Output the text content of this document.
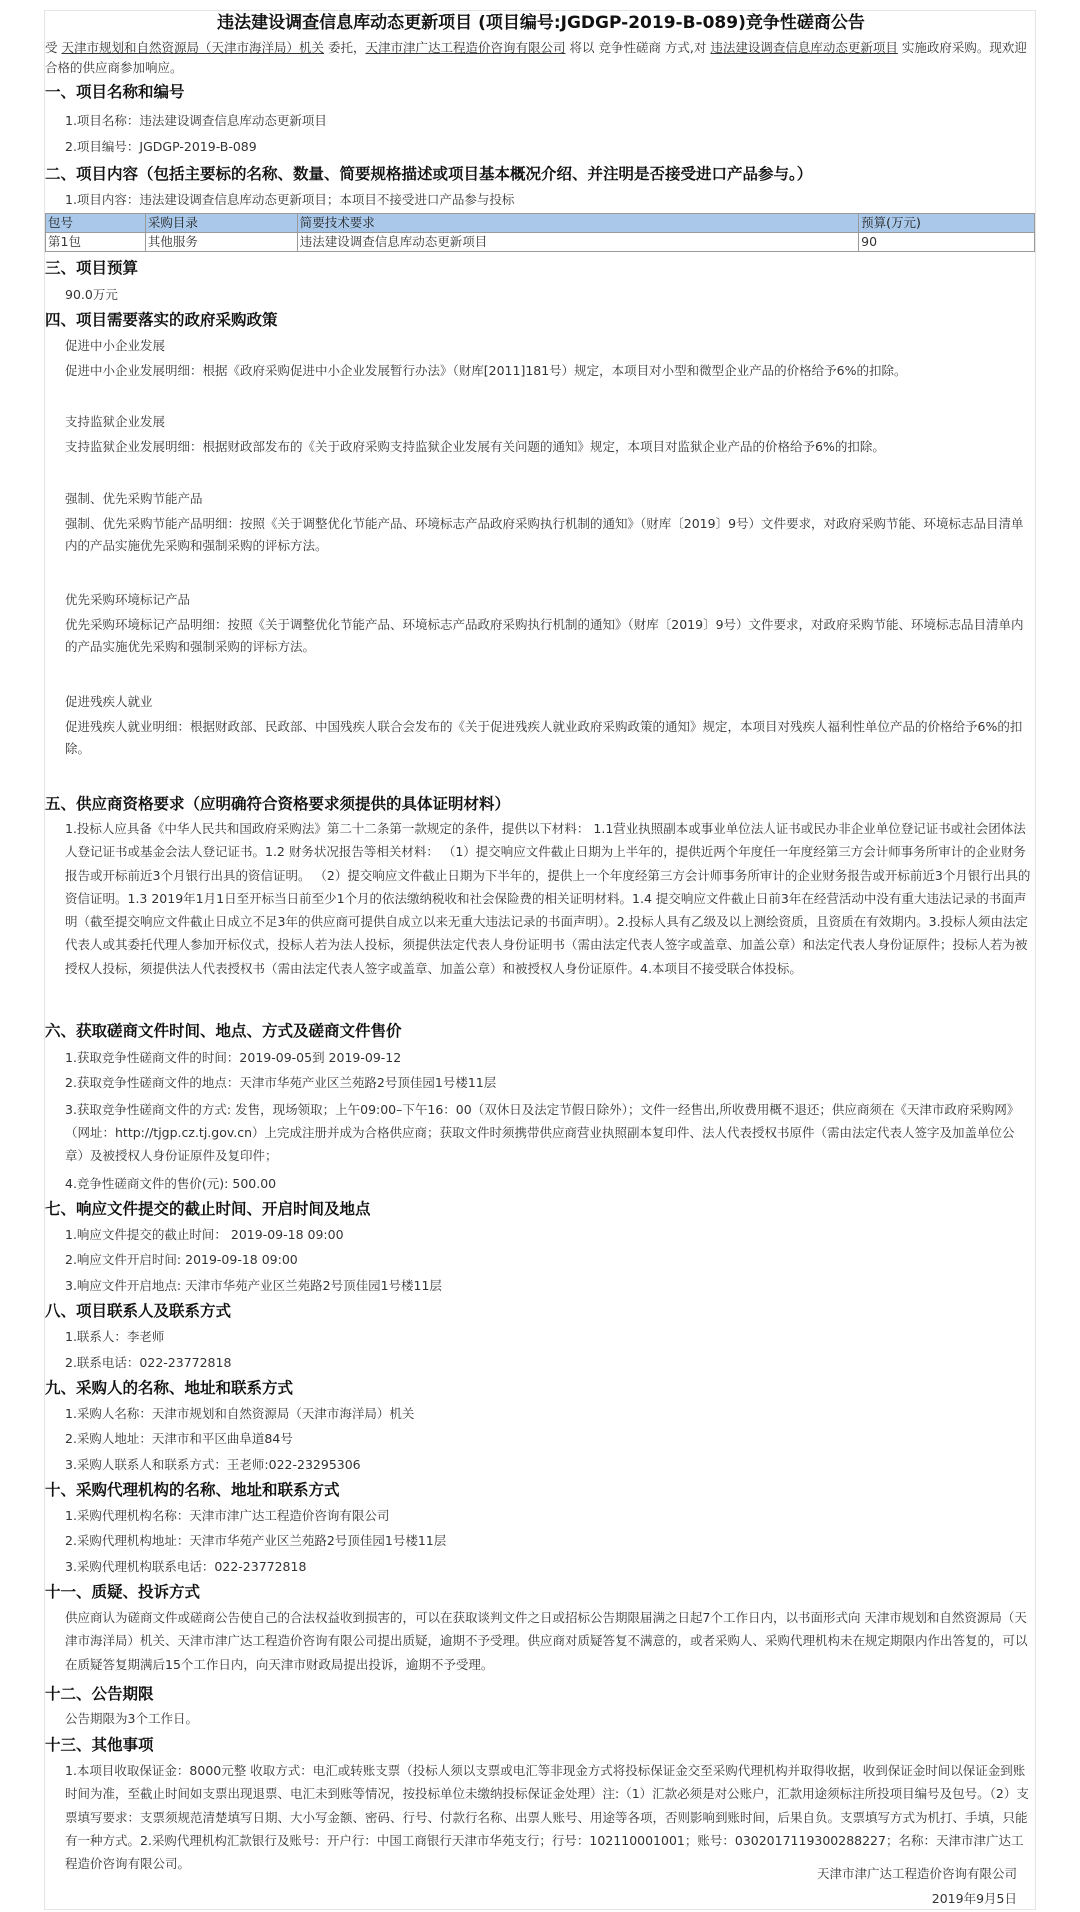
违法建设调查信息库动态更新项目 (项目编号:JGDGP-2019-B-089)竞争性磋商公告
受 天津市规划和自然资源局（天津市海洋局）机关 委托，天津市津广达工程造价咨询有限公司 将以 竞争性磋商 方式,对 违法建设调查信息库动态更新项目 实施政府采购。现欢迎合格的供应商参加响应。
一、项目名称和编号
1.项目名称：违法建设调查信息库动态更新项目
2.项目编号：JGDGP-2019-B-089
二、项目内容（包括主要标的名称、数量、简要规格描述或项目基本概况介绍、并注明是否接受进口产品参与。）
1.项目内容：违法建设调查信息库动态更新项目；本项目不接受进口产品参与投标
包号	采购目录	简要技术要求	预算(万元)
第1包	其他服务	违法建设调查信息库动态更新项目	90
三、项目预算
90.0万元
四、项目需要落实的政府采购政策
促进中小企业发展
促进中小企业发展明细：根据《政府采购促进中小企业发展暂行办法》（财库[2011]181号）规定，本项目对小型和微型企业产品的价格给予6%的扣除。
支持监狱企业发展
支持监狱企业发展明细：根据财政部发布的《关于政府采购支持监狱企业发展有关问题的通知》规定，本项目对监狱企业产品的价格给予6%的扣除。
强制、优先采购节能产品
强制、优先采购节能产品明细：按照《关于调整优化节能产品、环境标志产品政府采购执行机制的通知》（财库〔2019〕9号）文件要求，对政府采购节能、环境标志品目清单内的产品实施优先采购和强制采购的评标方法。
优先采购环境标记产品
优先采购环境标记产品明细：按照《关于调整优化节能产品、环境标志产品政府采购执行机制的通知》（财库〔2019〕9号）文件要求，对政府采购节能、环境标志品目清单内的产品实施优先采购和强制采购的评标方法。
促进残疾人就业
促进残疾人就业明细：根据财政部、民政部、中国残疾人联合会发布的《关于促进残疾人就业政府采购政策的通知》规定，本项目对残疾人福利性单位产品的价格给予6%的扣除。
五、供应商资格要求（应明确符合资格要求须提供的具体证明材料）
1.投标人应具备《中华人民共和国政府采购法》第二十二条第一款规定的条件，提供以下材料： 1.1营业执照副本或事业单位法人证书或民办非企业单位登记证书或社会团体法人登记证书或基金会法人登记证书。1.2 财务状况报告等相关材料： （1）提交响应文件截止日期为上半年的，提供近两个年度任一年度经第三方会计师事务所审计的企业财务报告或开标前近3个月银行出具的资信证明。 （2）提交响应文件截止日期为下半年的，提供上一个年度经第三方会计师事务所审计的企业财务报告或开标前近3个月银行出具的资信证明。1.3 2019年1月1日至开标当日前至少1个月的依法缴纳税收和社会保险费的相关证明材料。1.4 提交响应文件截止日前3年在经营活动中没有重大违法记录的书面声明（截至提交响应文件截止日成立不足3年的供应商可提供自成立以来无重大违法记录的书面声明）。2.投标人具有乙级及以上测绘资质，且资质在有效期内。3.投标人须由法定代表人或其委托代理人参加开标仪式，投标人若为法人投标，须提供法定代表人身份证明书（需由法定代表人签字或盖章、加盖公章）和法定代表人身份证原件；投标人若为被授权人投标，须提供法人代表授权书（需由法定代表人签字或盖章、加盖公章）和被授权人身份证原件。4.本项目不接受联合体投标。
六、获取磋商文件时间、地点、方式及磋商文件售价
1.获取竞争性磋商文件的时间：2019-09-05到 2019-09-12
2.获取竞争性磋商文件的地点：天津市华苑产业区兰苑路2号顶佳园1号楼11层
3.获取竞争性磋商文件的方式: 发售，现场领取；上午09:00–下午16：00（双休日及法定节假日除外）；文件一经售出,所收费用概不退还；供应商须在《天津市政府采购网》（网址：http://tjgp.cz.tj.gov.cn）上完成注册并成为合格供应商；获取文件时须携带供应商营业执照副本复印件、法人代表授权书原件（需由法定代表人签字及加盖单位公章）及被授权人身份证原件及复印件；
4.竞争性磋商文件的售价(元): 500.00
七、响应文件提交的截止时间、开启时间及地点
1.响应文件提交的截止时间： 2019-09-18 09:00
2.响应文件开启时间: 2019-09-18 09:00
3.响应文件开启地点: 天津市华苑产业区兰苑路2号顶佳园1号楼11层
八、项目联系人及联系方式
1.联系人：李老师
2.联系电话：022-23772818
九、采购人的名称、地址和联系方式
1.采购人名称：天津市规划和自然资源局（天津市海洋局）机关
2.采购人地址：天津市和平区曲阜道84号
3.采购人联系人和联系方式：王老师:022-23295306
十、采购代理机构的名称、地址和联系方式
1.采购代理机构名称：天津市津广达工程造价咨询有限公司
2.采购代理机构地址：天津市华苑产业区兰苑路2号顶佳园1号楼11层
3.采购代理机构联系电话：022-23772818
十一、质疑、投诉方式
供应商认为磋商文件或磋商公告使自己的合法权益收到损害的，可以在获取谈判文件之日或招标公告期限届满之日起7个工作日内，以书面形式向 天津市规划和自然资源局（天津市海洋局）机关、天津市津广达工程造价咨询有限公司提出质疑，逾期不予受理。供应商对质疑答复不满意的，或者采购人、采购代理机构未在规定期限内作出答复的，可以在质疑答复期满后15个工作日内，向天津市财政局提出投诉，逾期不予受理。
十二、公告期限
公告期限为3个工作日。
十三、其他事项
1.本项目收取保证金：8000元整 收取方式：电汇或转账支票（投标人须以支票或电汇等非现金方式将投标保证金交至采购代理机构并取得收据，收到保证金时间以保证金到账时间为准，至截止时间如支票出现退票、电汇未到账等情况，按投标单位未缴纳投标保证金处理）注:（1）汇款必须是对公账户，汇款用途须标注所投项目编号及包号。（2）支票填写要求：支票须规范清楚填写日期、大小写金额、密码、行号、付款行名称、出票人账号、用途等各项，否则影响到账时间，后果自负。支票填写方式为机打、手填，只能有一种方式。2.采购代理机构汇款银行及账号：开户行：中国工商银行天津市华苑支行；行号：102110001001；账号：0302017119300288227；名称：天津市津广达工程造价咨询有限公司。
天津市津广达工程造价咨询有限公司
2019年9月5日
